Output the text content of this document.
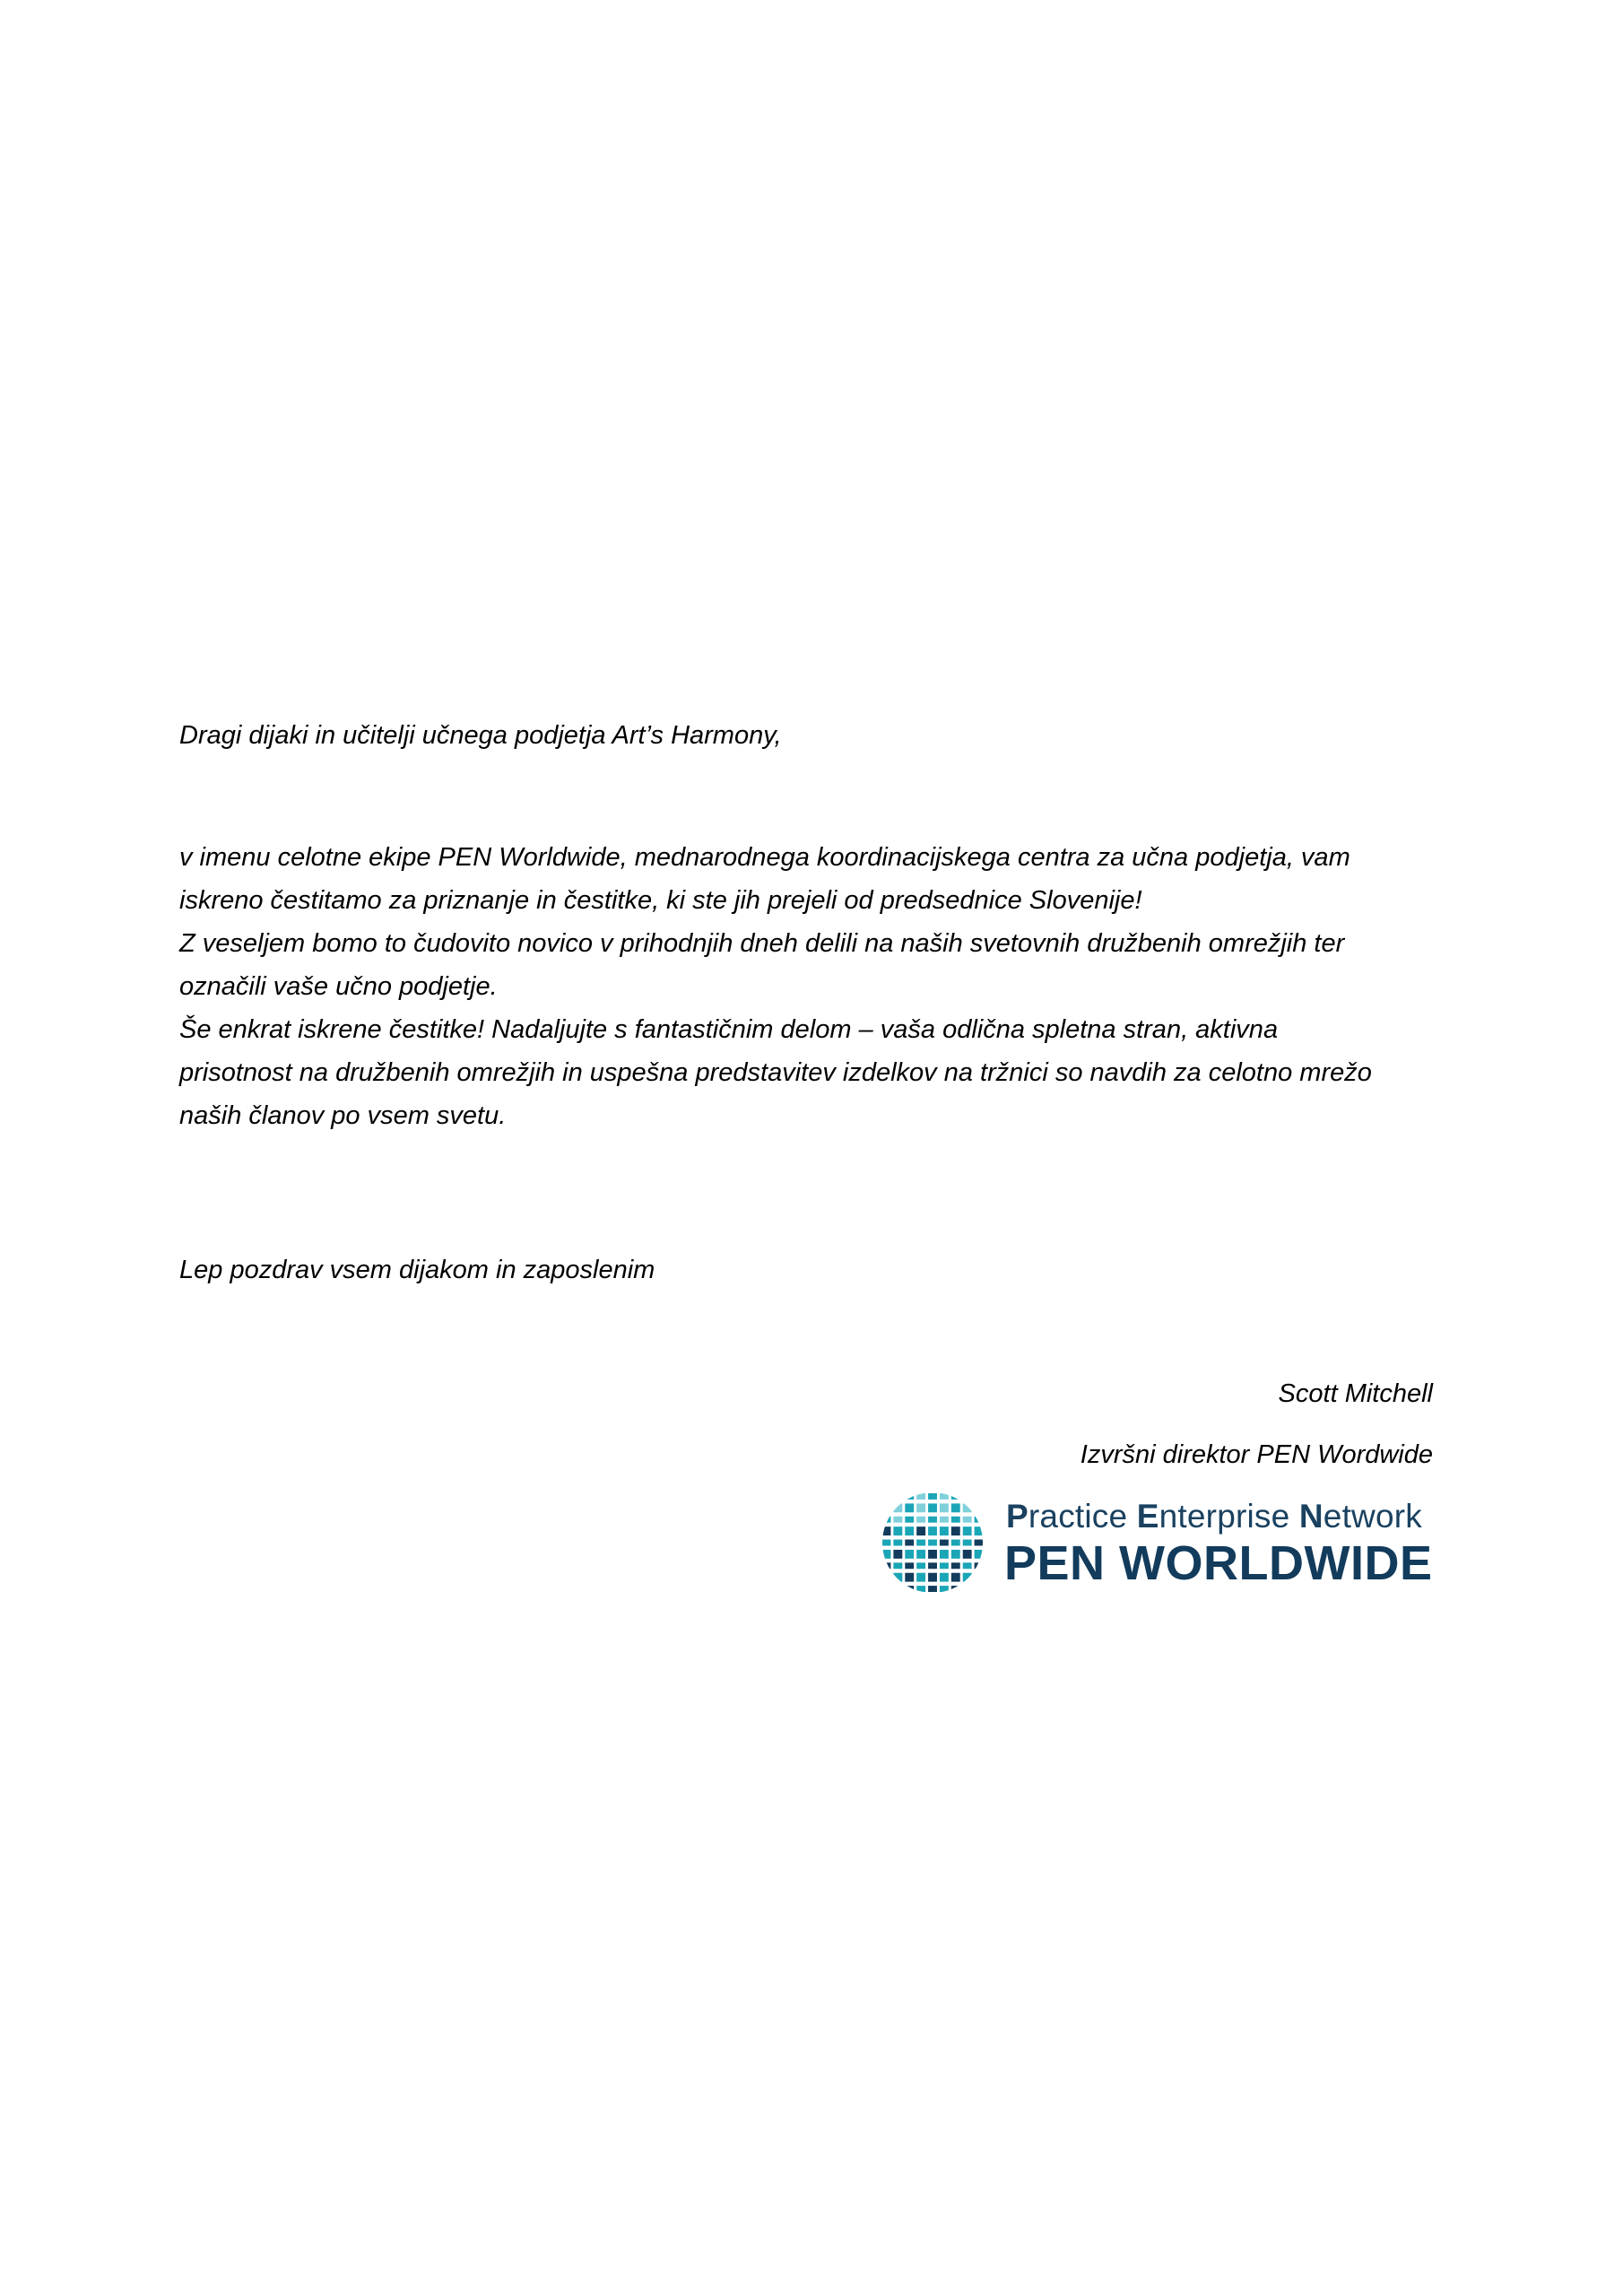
Dragi dijaki in učitelji učnega podjetja Art’s Harmony,
v imenu celotne ekipe PEN Worldwide, mednarodnega koordinacijskega centra za učna podjetja, vam
iskreno čestitamo za priznanje in čestitke, ki ste jih prejeli od predsednice Slovenije!
Z veseljem bomo to čudovito novico v prihodnjih dneh delili na naših svetovnih družbenih omrežjih ter
označili vaše učno podjetje.
Še enkrat iskrene čestitke! Nadaljujte s fantastičnim delom – vaša odlična spletna stran, aktivna
prisotnost na družbenih omrežjih in uspešna predstavitev izdelkov na tržnici so navdih za celotno mrežo
naših članov po vsem svetu.
Lep pozdrav vsem dijakom in zaposlenim
Scott Mitchell
Izvršni direktor PEN Wordwide
Practice Enterprise Network
PEN WORLDWIDE
